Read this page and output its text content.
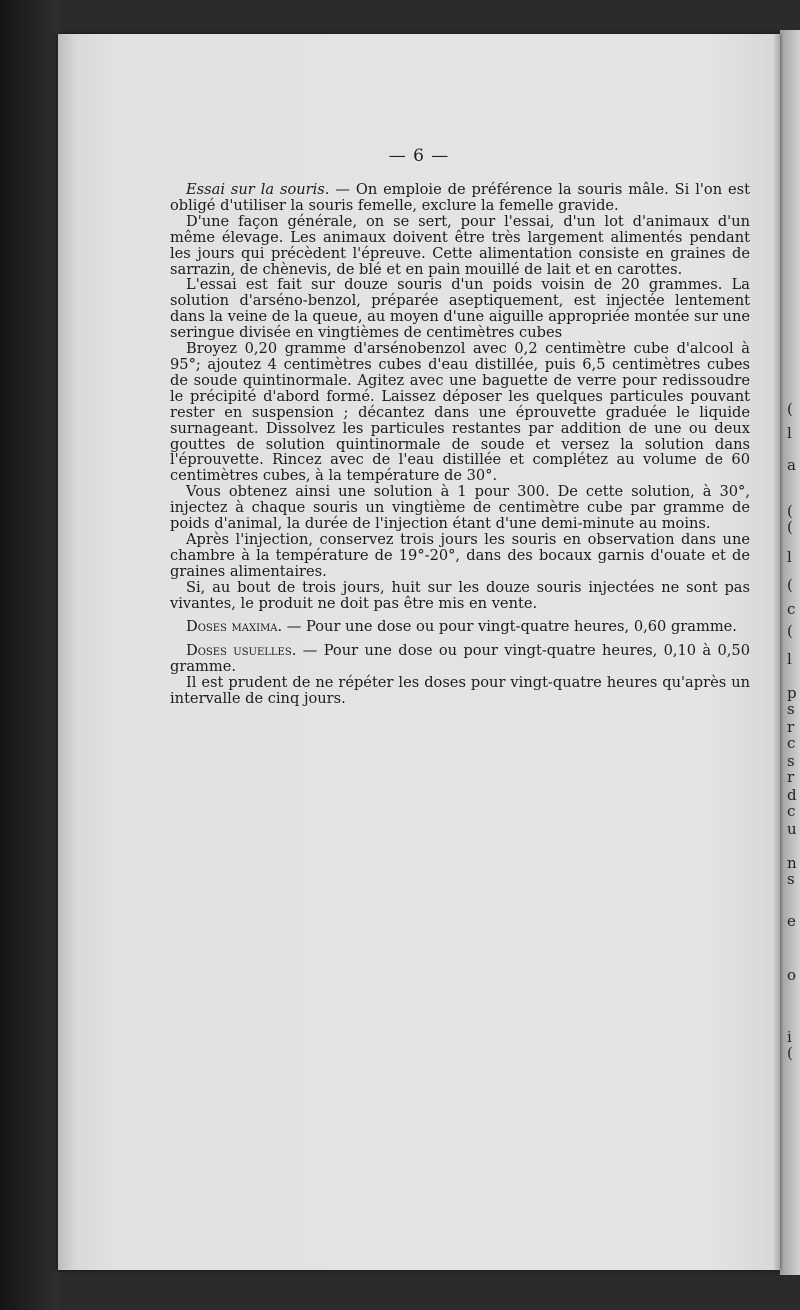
(
l
a
(
(
l
(
c
(
l
p
s
r
c
s
r
d
c
u
n
s
e
o
i
(
— 6 —

Essai sur la souris. — On emploie de préférence la souris mâle. Si l'on est obligé d'utiliser la souris femelle, exclure la femelle gravide.

D'une façon générale, on se sert, pour l'essai, d'un lot d'animaux d'un même élevage. Les animaux doivent être très largement alimentés pendant les jours qui précèdent l'épreuve. Cette alimentation consiste en graines de sarrazin, de chènevis, de blé et en pain mouillé de lait et en carottes.

L'essai est fait sur douze souris d'un poids voisin de 20 grammes. La solution d'arséno-benzol, préparée aseptiquement, est injectée lentement dans la veine de la queue, au moyen d'une aiguille appropriée montée sur une seringue divisée en vingtièmes de centimètres cubes

Broyez 0,20 gramme d'arsénobenzol avec 0,2 centimètre cube d'alcool à 95°; ajoutez 4 centimètres cubes d'eau distillée, puis 6,5 centimètres cubes de soude quintinormale. Agitez avec une baguette de verre pour redissoudre le précipité d'abord formé. Laissez déposer les quelques particules pouvant rester en suspension ; décantez dans une éprouvette graduée le liquide surnageant. Dissolvez les particules restantes par addition de une ou deux gouttes de solution quintinormale de soude et versez la solution dans l'éprouvette. Rincez avec de l'eau distillée et complétez au volume de 60 centimètres cubes, à la température de 30°.

Vous obtenez ainsi une solution à 1 pour 300. De cette solution, à 30°, injectez à chaque souris un vingtième de centimètre cube par gramme de poids d'animal, la durée de l'injection étant d'une demi-minute au moins.

Après l'injection, conservez trois jours les souris en observation dans une chambre à la température de 19°-20°, dans des bocaux garnis d'ouate et de graines alimentaires.

Si, au bout de trois jours, huit sur les douze souris injectées ne sont pas vivantes, le produit ne doit pas être mis en vente.

Doses maxima. — Pour une dose ou pour vingt-quatre heures, 0,60 gramme.

Doses usuelles. — Pour une dose ou pour vingt-quatre heures, 0,10 à 0,50 gramme.

Il est prudent de ne répéter les doses pour vingt-quatre heures qu'après un intervalle de cinq jours.
